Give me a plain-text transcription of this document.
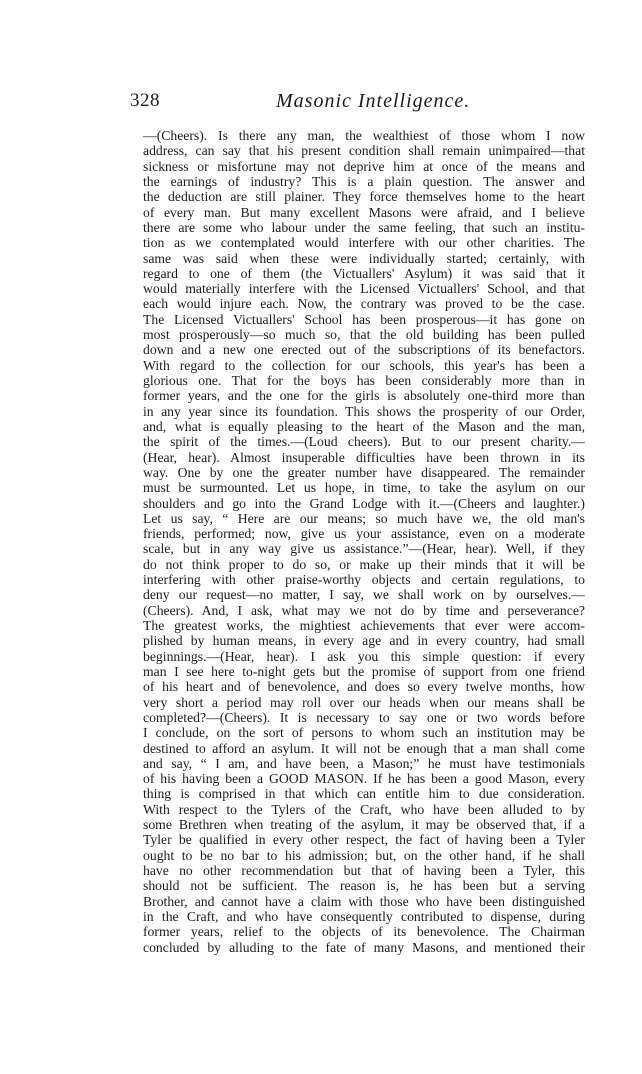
328	Masonic Intelligence.
—(Cheers). Is there any man, the wealthiest of those whom I now
address, can say that his present condition shall remain unimpaired—that
sickness or misfortune may not deprive him at once of the means and
the earnings of industry? This is a plain question. The answer and
the deduction are still plainer. They force themselves home to the heart
of every man. But many excellent Masons were afraid, and I believe
there are some who labour under the same feeling, that such an institu-
tion as we contemplated would interfere with our other charities. The
same was said when these were individually started; certainly, with
regard to one of them (the Victuallers' Asylum) it was said that it
would materially interfere with the Licensed Victuallers' School, and that
each would injure each. Now, the contrary was proved to be the case.
The Licensed Victuallers' School has been prosperous—it has gone on
most prosperously—so much so, that the old building has been pulled
down and a new one erected out of the subscriptions of its benefactors.
With regard to the collection for our schools, this year's has been a
glorious one. That for the boys has been considerably more than in
former years, and the one for the girls is absolutely one-third more than
in any year since its foundation. This shows the prosperity of our Order,
and, what is equally pleasing to the heart of the Mason and the man,
the spirit of the times.—(Loud cheers). But to our present charity.—
(Hear, hear). Almost insuperable difficulties have been thrown in its
way. One by one the greater number have disappeared. The remainder
must be surmounted. Let us hope, in time, to take the asylum on our
shoulders and go into the Grand Lodge with it.—(Cheers and laughter.)
Let us say, “ Here are our means; so much have we, the old man's
friends, performed; now, give us your assistance, even on a moderate
scale, but in any way give us assistance.”—(Hear, hear). Well, if they
do not think proper to do so, or make up their minds that it will be
interfering with other praise-worthy objects and certain regulations, to
deny our request—no matter, I say, we shall work on by ourselves.—
(Cheers). And, I ask, what may we not do by time and perseverance?
The greatest works, the mightiest achievements that ever were accom-
plished by human means, in every age and in every country, had small
beginnings.—(Hear, hear). I ask you this simple question: if every
man I see here to-night gets but the promise of support from one friend
of his heart and of benevolence, and does so every twelve months, how
very short a period may roll over our heads when our means shall be
completed?—(Cheers). It is necessary to say one or two words before
I conclude, on the sort of persons to whom such an institution may be
destined to afford an asylum. It will not be enough that a man shall come
and say, “ I am, and have been, a Mason;” he must have testimonials
of his having been a GOOD MASON. If he has been a good Mason, every
thing is comprised in that which can entitle him to due consideration.
With respect to the Tylers of the Craft, who have been alluded to by
some Brethren when treating of the asylum, it may be observed that, if a
Tyler be qualified in every other respect, the fact of having been a Tyler
ought to be no bar to his admission; but, on the other hand, if he shall
have no other recommendation but that of having been a Tyler, this
should not be sufficient. The reason is, he has been but a serving
Brother, and cannot have a claim with those who have been distinguished
in the Craft, and who have consequently contributed to dispense, during
former years, relief to the objects of its benevolence. The Chairman
concluded by alluding to the fate of many Masons, and mentioned their
